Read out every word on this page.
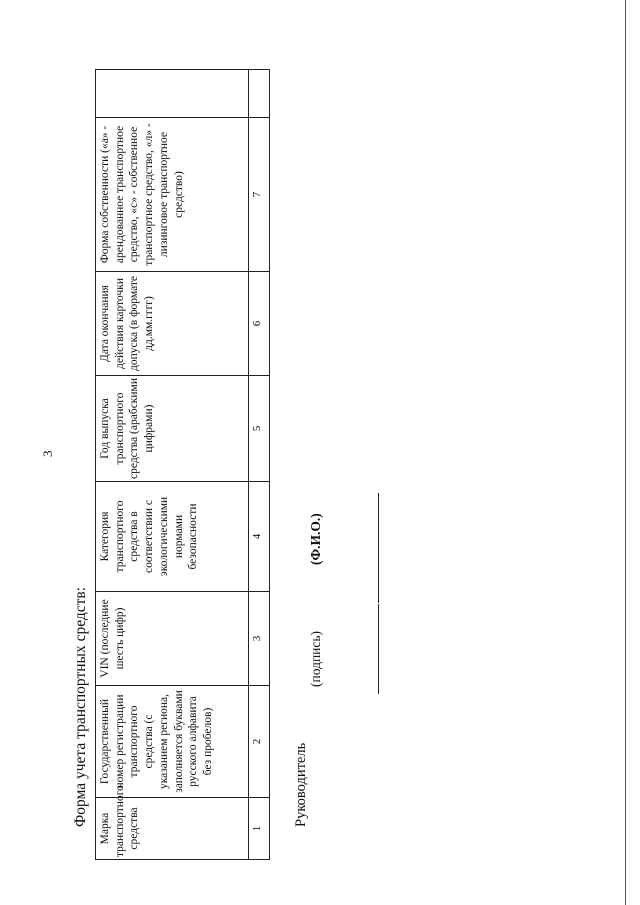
3
Форма учета транспортных средств:
Марка транспортного средства	Государственный номер регистрации транспортного средства (с указанием региона, заполняется буквами русского алфавита без пробелов)	VIN (последние шесть цифр)	Категория транспортного средства в соответствии с экологическими нормами безопасности	Год выпуска транспортного средства (арабскими цифрами)	Дата окончания действия карточки допуска (в формате дд.мм.гггг)	Форма собственности («а» - арендованное транспортное средство, «с» - собственное транспортное средство, «л» - лизинговое транспортное средство)	

1	2	3	4	5	6	7	
Руководитель
(подпись)
(Ф.И.О.)
